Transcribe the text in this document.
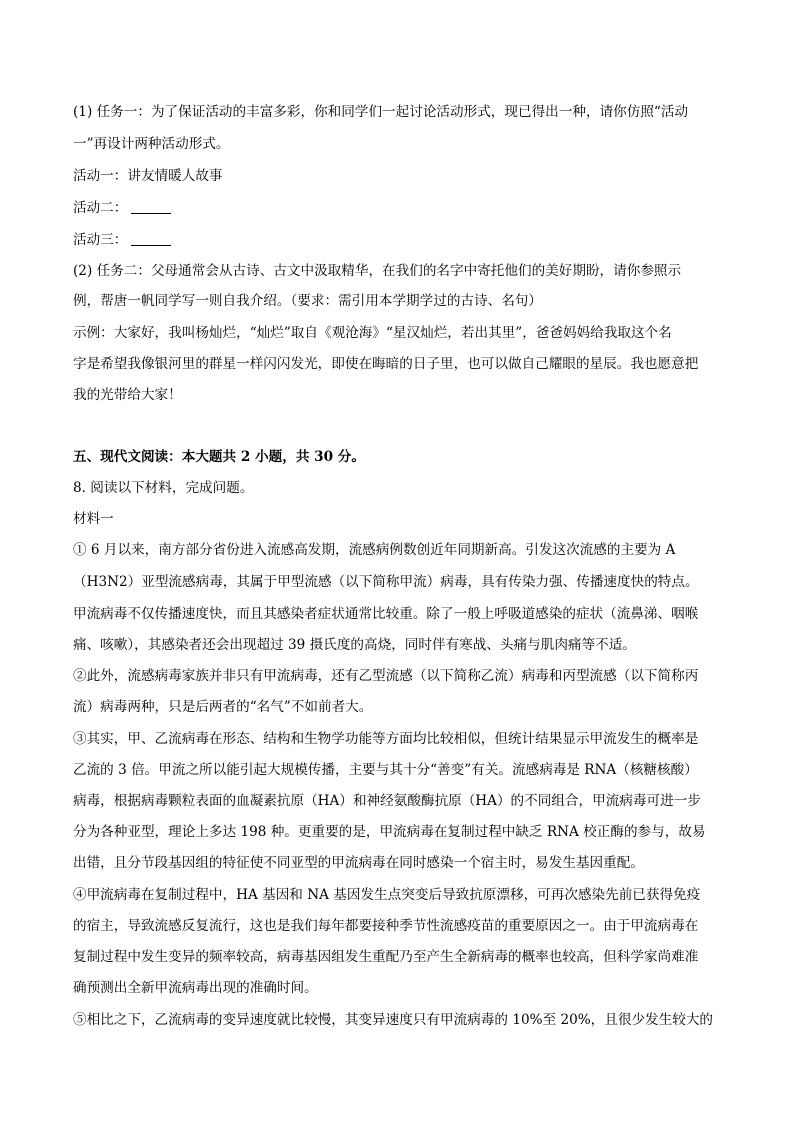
(1) 任务一：为了保证活动的丰富多彩，你和同学们一起讨论活动形式，现已得出一种，请你仿照“活动
一”再设计两种活动形式。
活动一：讲友情暖人故事
活动二：
活动三：
(2) 任务二：父母通常会从古诗、古文中汲取精华，在我们的名字中寄托他们的美好期盼，请你参照示
例，帮唐一帆同学写一则自我介绍。（要求：需引用本学期学过的古诗、名句）
示例：大家好，我叫杨灿烂，“灿烂”取自《观沧海》“星汉灿烂，若出其里”，爸爸妈妈给我取这个名
字是希望我像银河里的群星一样闪闪发光，即使在晦暗的日子里，也可以做自己耀眼的星辰。我也愿意把
我的光带给大家！
五、现代文阅读：本大题共 2 小题，共 30 分。
8. 阅读以下材料，完成问题。
材料一
① 6 月以来，南方部分省份进入流感高发期，流感病例数创近年同期新高。引发这次流感的主要为 A
（H3N2）亚型流感病毒，其属于甲型流感（以下简称甲流）病毒，具有传染力强、传播速度快的特点。
甲流病毒不仅传播速度快，而且其感染者症状通常比较重。除了一般上呼吸道感染的症状（流鼻涕、咽喉
痛、咳嗽），其感染者还会出现超过 39 摄氏度的高烧，同时伴有寒战、头痛与肌肉痛等不适。
②此外，流感病毒家族并非只有甲流病毒，还有乙型流感（以下简称乙流）病毒和丙型流感（以下简称丙
流）病毒两种，只是后两者的“名气”不如前者大。
③其实，甲、乙流病毒在形态、结构和生物学功能等方面均比较相似，但统计结果显示甲流发生的概率是
乙流的 3 倍。甲流之所以能引起大规模传播，主要与其十分“善变”有关。流感病毒是 RNA（核糖核酸）
病毒，根据病毒颗粒表面的血凝素抗原（HA）和神经氨酸酶抗原（HA）的不同组合，甲流病毒可进一步
分为各种亚型，理论上多达 198 种。更重要的是，甲流病毒在复制过程中缺乏 RNA 校正酶的参与，故易
出错，且分节段基因组的特征使不同亚型的甲流病毒在同时感染一个宿主时，易发生基因重配。
④甲流病毒在复制过程中，HA 基因和 NA 基因发生点突变后导致抗原漂移，可再次感染先前已获得免疫
的宿主，导致流感反复流行，这也是我们每年都要接种季节性流感疫苗的重要原因之一。由于甲流病毒在
复制过程中发生变异的频率较高，病毒基因组发生重配乃至产生全新病毒的概率也较高，但科学家尚难准
确预测出全新甲流病毒出现的准确时间。
⑤相比之下，乙流病毒的变异速度就比较慢，其变异速度只有甲流病毒的 10%至 20%，且很少发生较大的
